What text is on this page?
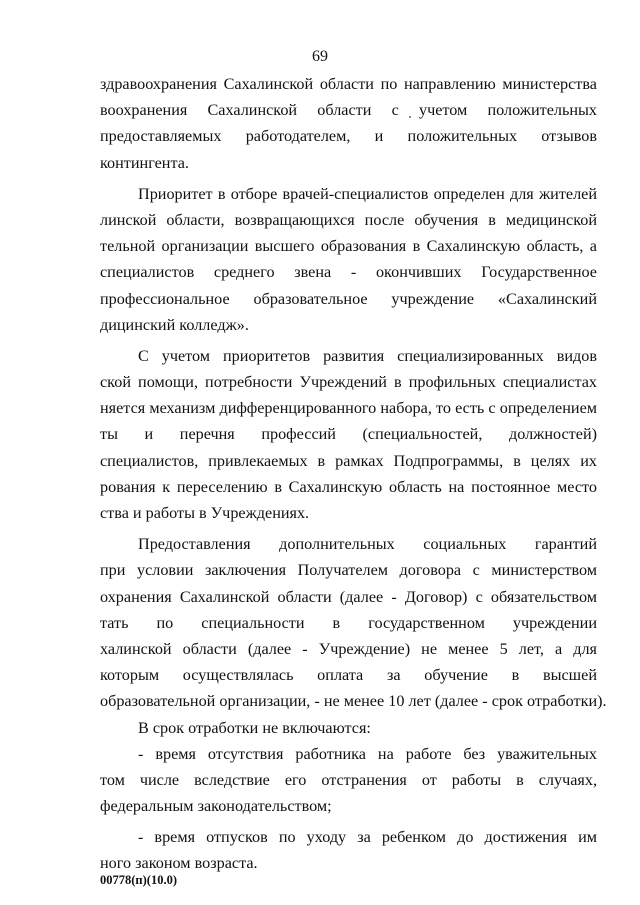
69
здравоохранения Сахалинской области по направлению министерства
воохранения Сахалинской области с учетом положительных
предоставляемых работодателем, и положительных отзывов
контингента.
Приоритет в отборе врачей-специалистов определен для жителей
линской области, возвращающихся после обучения в медицинской
тельной организации высшего образования в Сахалинскую область, а
специалистов среднего звена - окончивших Государственное
профессиональное образовательное учреждение «Сахалинский
дицинский колледж».
С учетом приоритетов развития специализированных видов
ской помощи, потребности Учреждений в профильных специалистах
няется механизм дифференцированного набора, то есть с определением
ты и перечня профессий (специальностей, должностей)
специалистов, привлекаемых в рамках Подпрограммы, в целях их
рования к переселению в Сахалинскую область на постоянное место
ства и работы в Учреждениях.
Предоставления дополнительных социальных гарантий
при условии заключения Получателем договора с министерством
охранения Сахалинской области (далее - Договор) с обязательством
тать по специальности в государственном учреждении
халинской области (далее - Учреждение) не менее 5 лет, а для
которым осуществлялась оплата за обучение в высшей
образовательной организации, - не менее 10 лет (далее - срок отработки).
В срок отработки не включаются:
- время отсутствия работника на работе без уважительных
том числе вследствие его отстранения от работы в случаях,
федеральным законодательством;
- время отпусков по уходу за ребенком до достижения им
ного законом возраста.
00778(п)(10.0)
